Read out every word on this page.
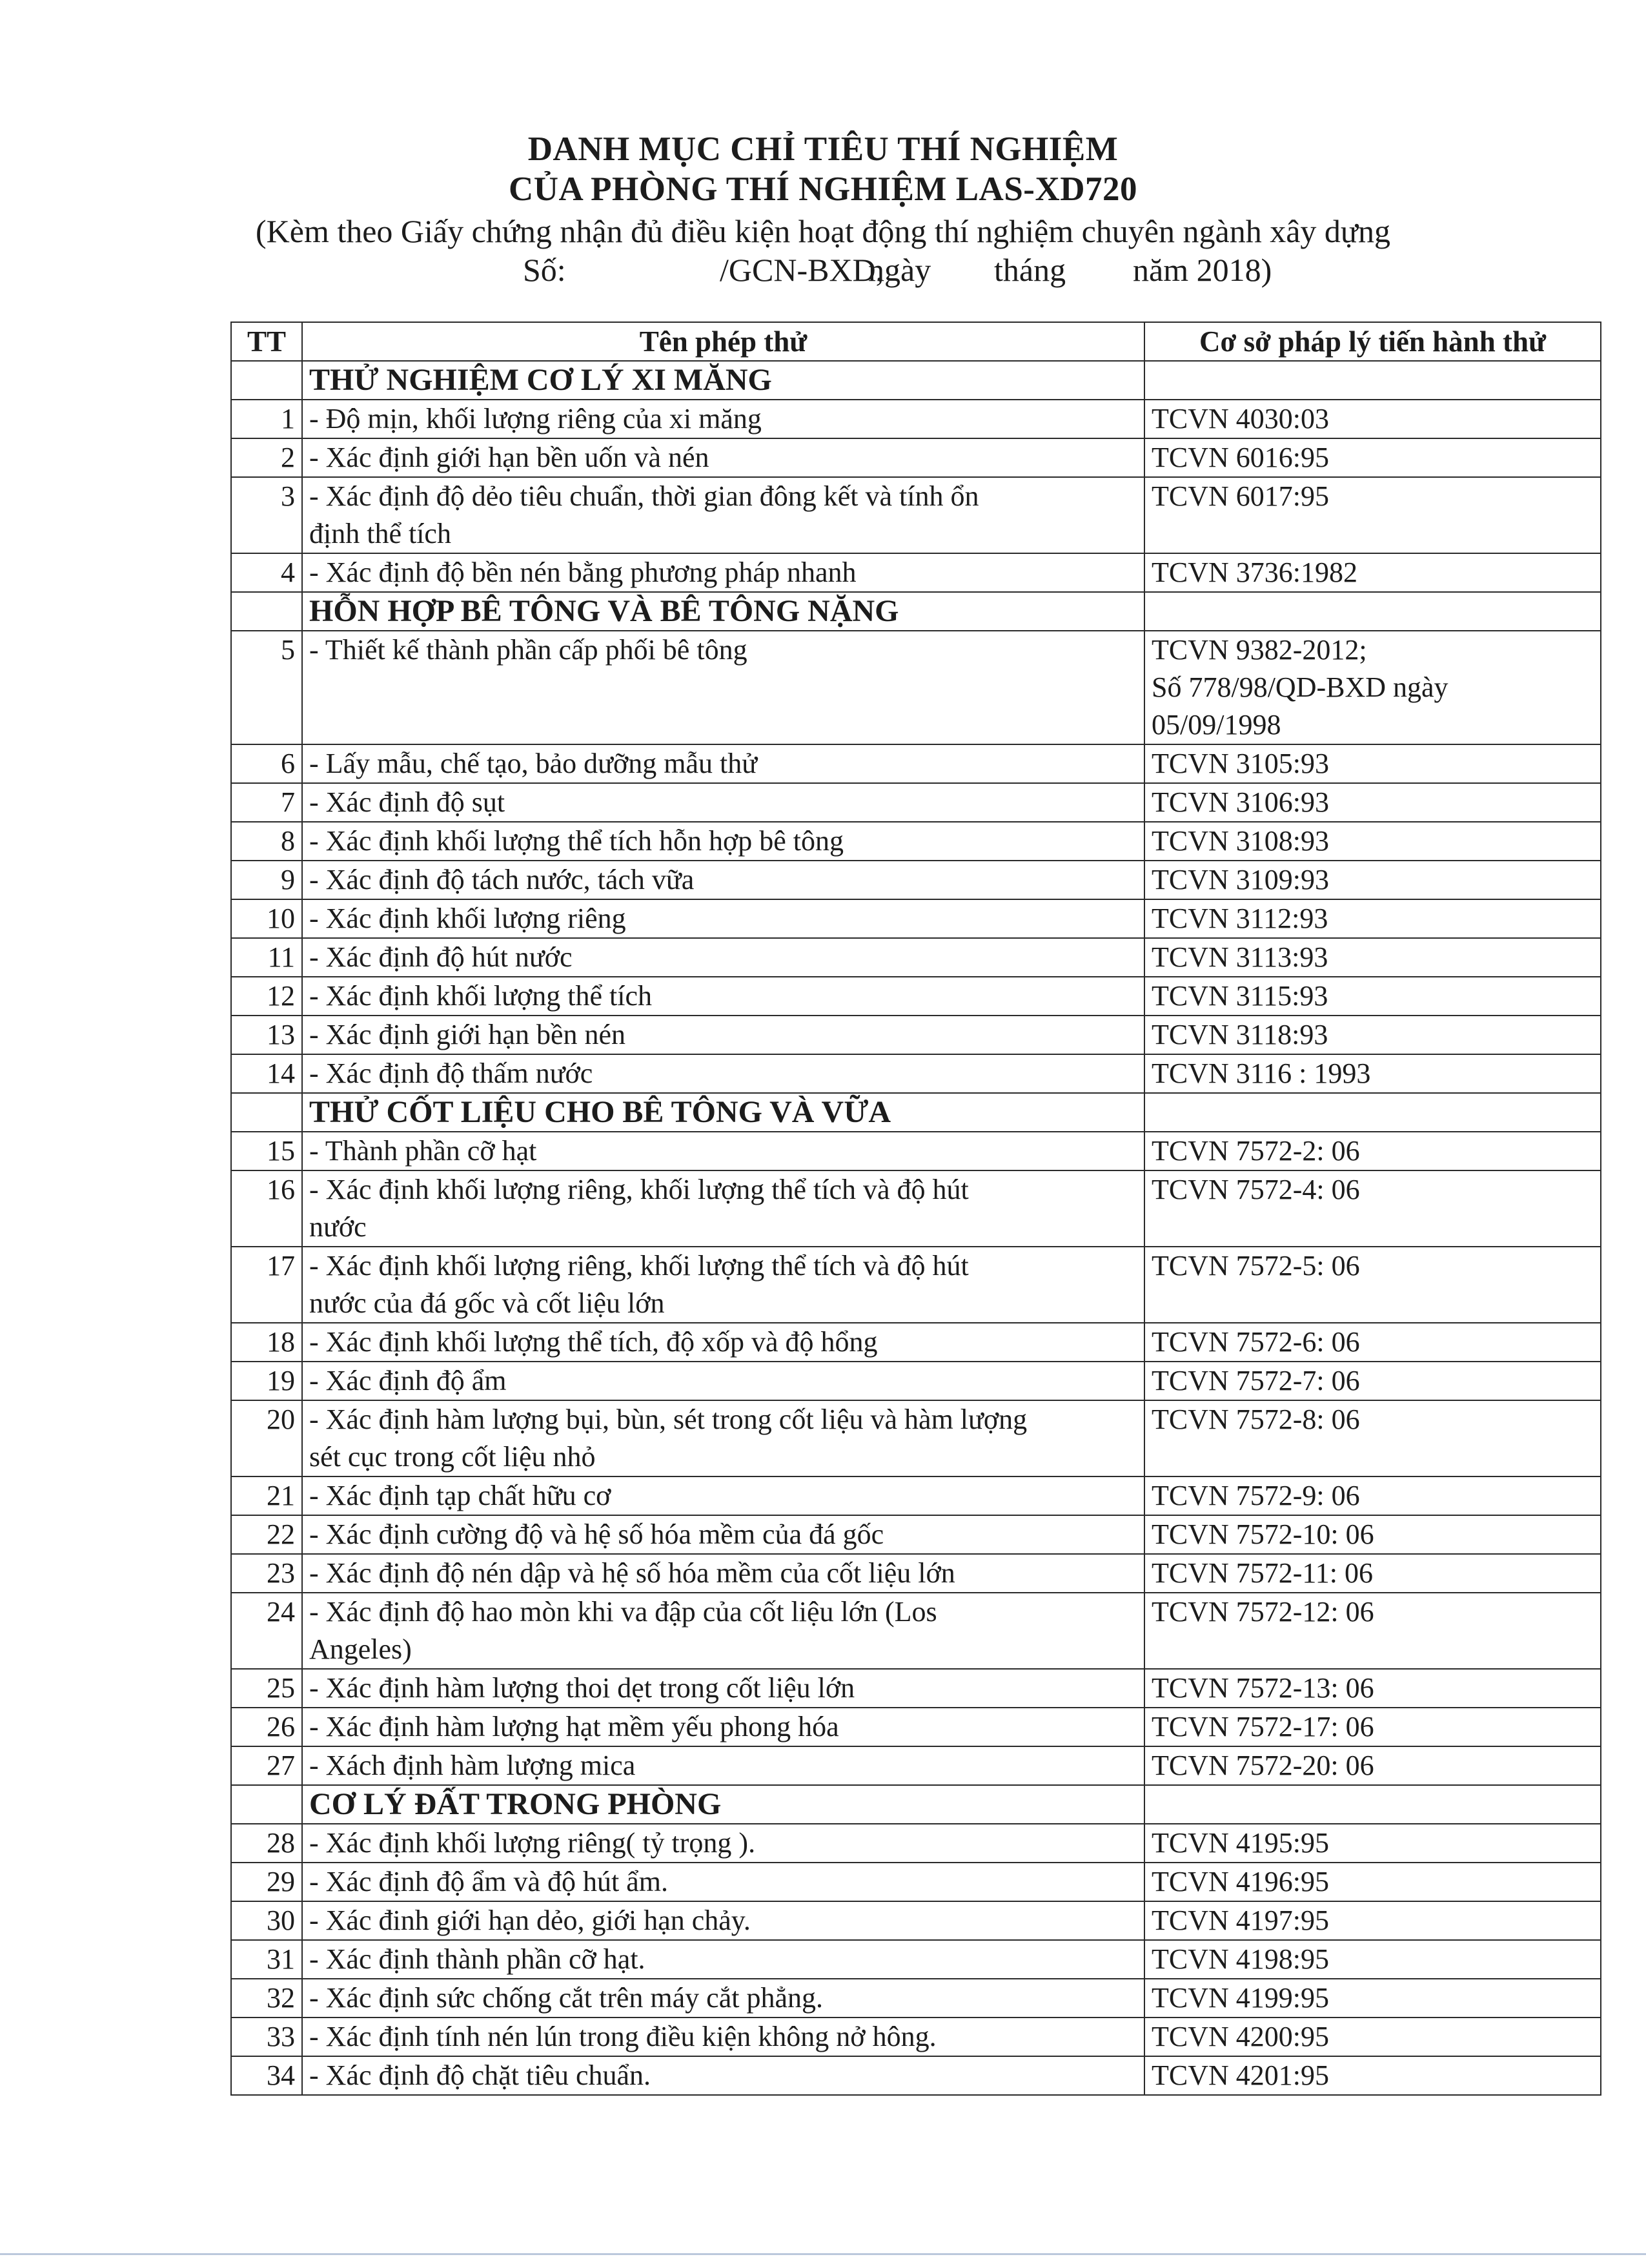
DANH MỤC CHỈ TIÊU THÍ NGHIỆM
CỦA PHÒNG THÍ NGHIỆM LAS-XD720
(Kèm theo Giấy chứng nhận đủ điều kiện hoạt động thí nghiệm chuyên ngành xây dựng
Số:	/GCN-BXD,
ngày tháng năm 2018)
TT	Tên phép thử	Cơ sở pháp lý tiến hành thử
	THỬ NGHIỆM CƠ LÝ XI MĂNG	
1	- Độ mịn, khối lượng riêng của xi măng	TCVN 4030:03

2	- Xác định giới hạn bền uốn và nén	TCVN 6016:95

3	- Xác định độ dẻo tiêu chuẩn, thời gian đông kết và tính ổn
định thể tích	TCVN 6017:95

4	- Xác định độ bền nén bằng phương pháp nhanh	TCVN 3736:1982

	HỖN HỢP BÊ TÔNG VÀ BÊ TÔNG NẶNG	
5	- Thiết kế thành phần cấp phối bê tông	TCVN 9382-2012;
Số 778/98/QD-BXD ngày
05/09/1998

6	- Lấy mẫu, chế tạo, bảo dưỡng mẫu thử	TCVN 3105:93

7	- Xác định độ sụt	TCVN 3106:93

8	- Xác định khối lượng thể tích hỗn hợp bê tông	TCVN 3108:93

9	- Xác định độ tách nước, tách vữa	TCVN 3109:93

10	- Xác định khối lượng riêng	TCVN 3112:93

11	- Xác định độ hút nước	TCVN 3113:93

12	- Xác định khối lượng thể tích	TCVN 3115:93

13	- Xác định giới hạn bền nén	TCVN 3118:93

14	- Xác định độ thấm nước	TCVN 3116 : 1993

	THỬ CỐT LIỆU CHO BÊ TÔNG VÀ VỮA	
15	- Thành phần cỡ hạt	TCVN 7572-2: 06

16	- Xác định khối lượng riêng, khối lượng thể tích và độ hút
nước	TCVN 7572-4: 06

17	- Xác định khối lượng riêng, khối lượng thể tích và độ hút
nước của đá gốc và cốt liệu lớn	TCVN 7572-5: 06

18	- Xác định khối lượng thể tích, độ xốp và độ hổng	TCVN 7572-6: 06

19	- Xác định độ ẩm	TCVN 7572-7: 06

20	- Xác định hàm lượng bụi, bùn, sét trong cốt liệu và hàm lượng
sét cục trong cốt liệu nhỏ	TCVN 7572-8: 06

21	- Xác định tạp chất hữu cơ	TCVN 7572-9: 06

22	- Xác định cường độ và hệ số hóa mềm của đá gốc	TCVN 7572-10: 06

23	- Xác định độ nén dập và hệ số hóa mềm của cốt liệu lớn	TCVN 7572-11: 06

24	- Xác định độ hao mòn khi va đập của cốt liệu lớn (Los
Angeles)	TCVN 7572-12: 06

25	- Xác định hàm lượng thoi dẹt trong cốt liệu lớn	TCVN 7572-13: 06

26	- Xác định hàm lượng hạt mềm yếu phong hóa	TCVN 7572-17: 06

27	- Xách định hàm lượng mica	TCVN 7572-20: 06

	CƠ LÝ ĐẤT TRONG PHÒNG	
28	- Xác định khối lượng riêng( tỷ trọng ).	TCVN 4195:95

29	- Xác định độ ẩm và độ hút ẩm.	TCVN 4196:95

30	- Xác đinh giới hạn dẻo, giới hạn chảy.	TCVN 4197:95

31	- Xác định thành phần cỡ hạt.	TCVN 4198:95

32	- Xác định sức chống cắt trên máy cắt phẳng.	TCVN 4199:95

33	- Xác định tính nén lún trong điều kiện không nở hông.	TCVN 4200:95

34	- Xác định độ chặt tiêu chuẩn.	TCVN 4201:95
